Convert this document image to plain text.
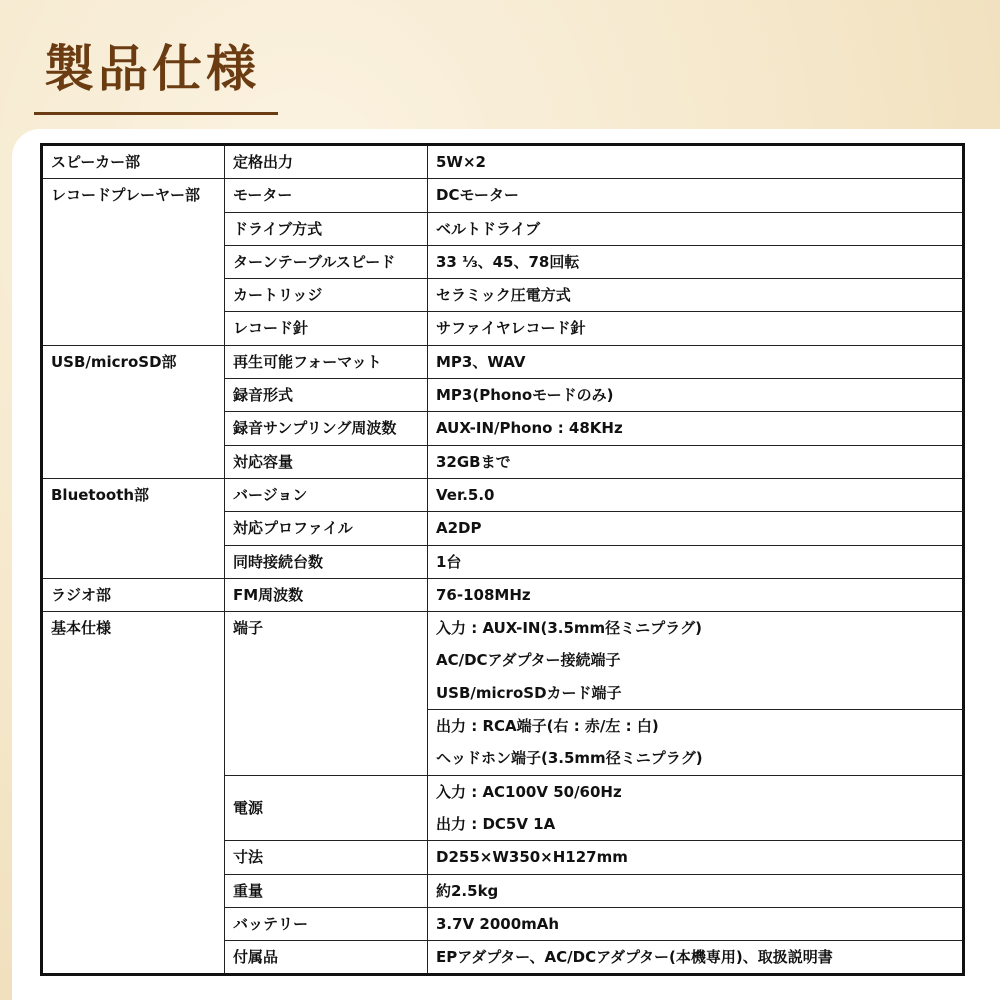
製品仕様
スピーカー部	定格出力	5W×2
レコードプレーヤー部	モーター	DCモーター
	ドライブ方式	ベルトドライブ
	ターンテーブルスピード	33 ⅓、45、78回転
	カートリッジ	セラミック圧電方式
	レコード針	サファイヤレコード針
USB/microSD部	再生可能フォーマット	MP3、WAV
	録音形式	MP3(Phonoモードのみ)
	録音サンプリング周波数	AUX-IN/Phono : 48KHz
	対応容量	32GBまで
Bluetooth部	バージョン	Ver.5.0
	対応プロファイル	A2DP
	同時接続台数	1台
ラジオ部	FM周波数	76-108MHz
基本仕様	端子	入力 : AUX-IN(3.5mm径ミニプラグ)
		AC/DCアダプター接続端子
		USB/microSDカード端子
		出力 : RCA端子(右 : 赤/左 : 白)
		ヘッドホン端子(3.5mm径ミニプラグ)
	電源	入力 : AC100V 50/60Hz
		出力 : DC5V 1A
	寸法	D255×W350×H127mm
	重量	約2.5kg
	バッテリー	3.7V 2000mAh
	付属品	EPアダプター、AC/DCアダプター(本機専用)、取扱説明書
